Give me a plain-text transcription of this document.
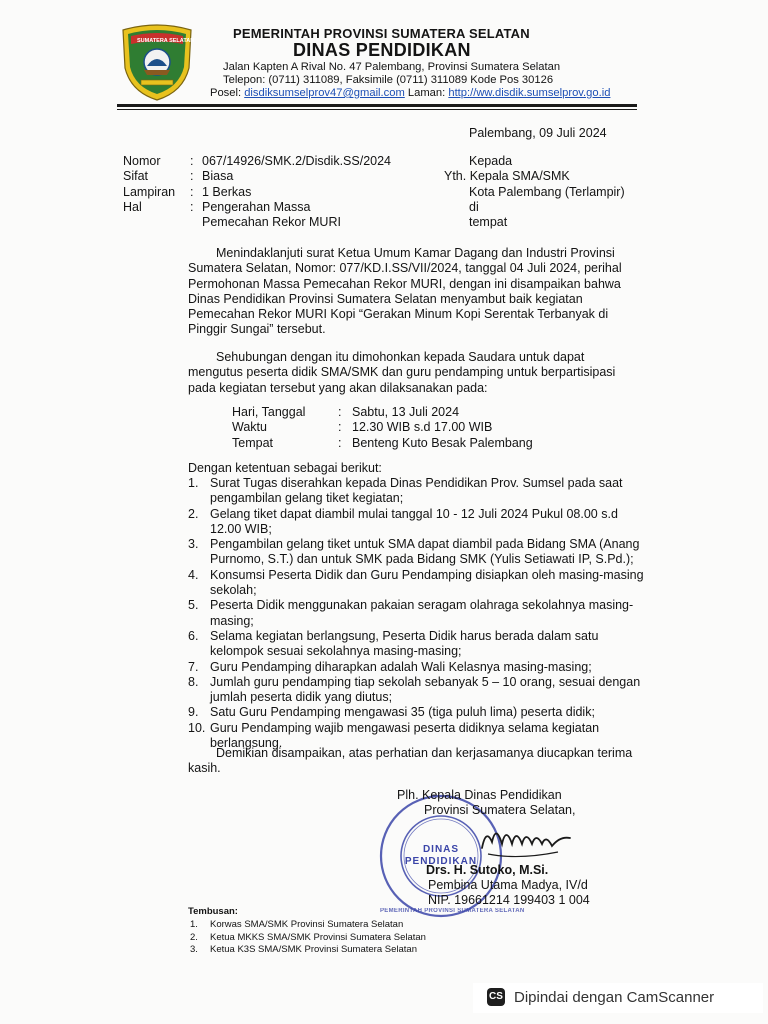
SUMATERA SELATAN	PEMERINTAH PROVINSI SUMATERA SELATAN
DINAS PENDIDIKAN
Jalan Kapten A Rival No. 47 Palembang, Provinsi Sumatera Selatan
Telepon: (0711) 311089, Faksimile (0711) 311089 Kode Pos 30126
Posel: disdiksumselprov47@gmail.com Laman: http://ww.disdik.sumselprov.go.id
Palembang, 09 Juli 2024
Nomor
Sifat
Lampiran
Hal
:
:
:
:
067/14926/SMK.2/Disdik.SS/2024
Biasa
1 Berkas
Pengerahan Massa
Pemecahan Rekor MURI
Kepada
Yth. Kepala SMA/SMK
Kota Palembang (Terlampir)
di
tempat
Menindaklanjuti surat Ketua Umum Kamar Dagang dan Industri Provinsi
Sumatera Selatan, Nomor: 077/KD.I.SS/VII/2024, tanggal 04 Juli 2024, perihal
Permohonan Massa Pemecahan Rekor MURI, dengan ini disampaikan bahwa
Dinas Pendidikan Provinsi Sumatera Selatan menyambut baik kegiatan
Pemecahan Rekor MURI Kopi “Gerakan Minum Kopi Serentak Terbanyak di
Pinggir Sungai” tersebut.
Sehubungan dengan itu dimohonkan kepada Saudara untuk dapat
mengutus peserta didik SMA/SMK dan guru pendamping untuk berpartisipasi
pada kegiatan tersebut yang akan dilaksanakan pada:
Hari, Tanggal
Waktu
Tempat
:
:
:
Sabtu, 13 Juli 2024
12.30 WIB s.d 17.00 WIB
Benteng Kuto Besak Palembang
Dengan ketentuan sebagai berikut:
1. Surat Tugas diserahkan kepada Dinas Pendidikan Prov. Sumsel pada saat
pengambilan gelang tiket kegiatan;
2. Gelang tiket dapat diambil mulai tanggal 10 - 12 Juli 2024 Pukul 08.00 s.d
12.00 WIB;
3. Pengambilan gelang tiket untuk SMA dapat diambil pada Bidang SMA (Anang
Purnomo, S.T.) dan untuk SMK pada Bidang SMK (Yulis Setiawati IP, S.Pd.);
4. Konsumsi Peserta Didik dan Guru Pendamping disiapkan oleh masing-masing
sekolah;
5. Peserta Didik menggunakan pakaian seragam olahraga sekolahnya masing-
masing;
6. Selama kegiatan berlangsung, Peserta Didik harus berada dalam satu
kelompok sesuai sekolahnya masing-masing;
7. Guru Pendamping diharapkan adalah Wali Kelasnya masing-masing;
8. Jumlah guru pendamping tiap sekolah sebanyak 5 – 10 orang, sesuai dengan
jumlah peserta didik yang diutus;
9. Satu Guru Pendamping mengawasi 35 (tiga puluh lima) peserta didik;
10. Guru Pendamping wajib mengawasi peserta didiknya selama kegiatan
berlangsung.
Demikian disampaikan, atas perhatian dan kerjasamanya diucapkan terima
kasih.
DINAS PENDIDIKAN
PEMERINTAH PROVINSI SUMATERA SELATAN
Plh. Kepala Dinas Pendidikan
Provinsi Sumatera Selatan,
Drs. H. Sutoko, M.Si.
Pembina Utama Madya, IV/d
NIP. 19661214 199403 1 004
Tembusan:
1. Korwas SMA/SMK Provinsi Sumatera Selatan
2. Ketua MKKS SMA/SMK Provinsi Sumatera Selatan
3. Ketua K3S SMA/SMK Provinsi Sumatera Selatan
CS Dipindai dengan CamScanner
